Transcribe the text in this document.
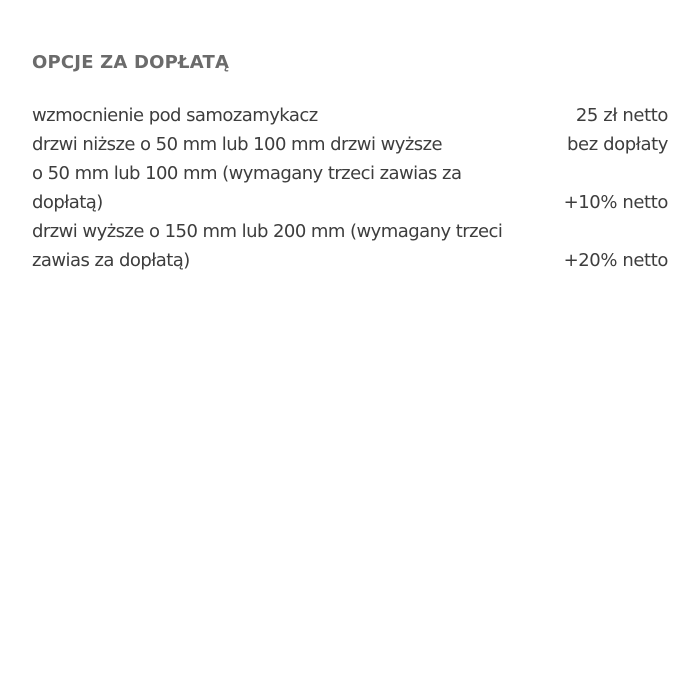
OPCJE ZA DOPŁATĄ
wzmocnienie pod samozamykacz	25 zł netto
drzwi niższe o 50 mm lub 100 mm drzwi wyższe	bez dopłaty
o 50 mm lub 100 mm (wymagany trzeci zawias za dopłatą)	+10% netto
drzwi wyższe o 150 mm lub 200 mm (wymagany trzeci zawias za dopłatą)	+20% netto
